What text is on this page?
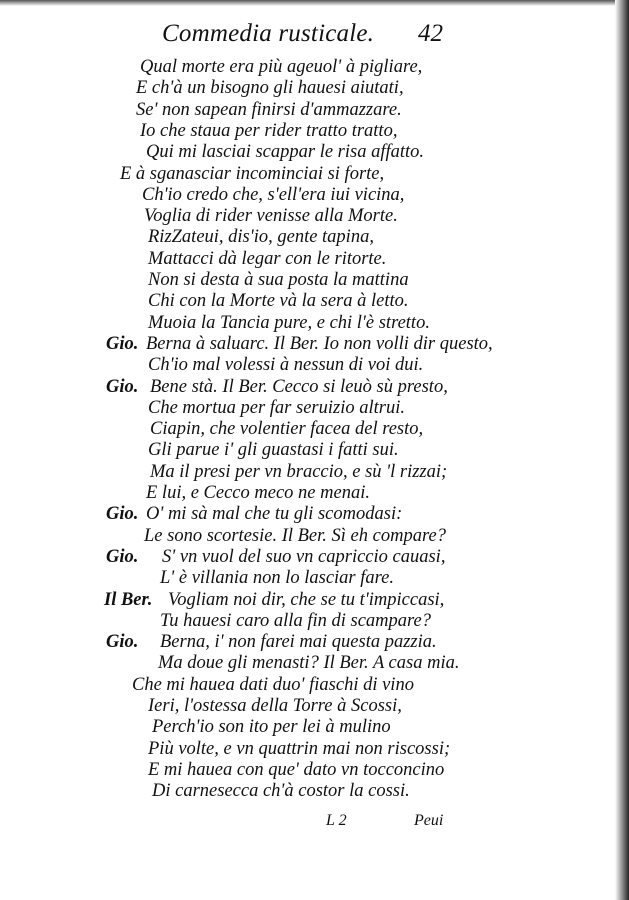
Commedia rusticale. 42
Qual morte era più ageuol' à pigliare,
E ch'à un bisogno gli hauesi aiutati,
Se' non sapean finirsi d'ammazzare.
Io che staua per rider tratto tratto,
Qui mi lasciai scappar le risa affatto.
E à sganasciar incominciai si forte,
Ch'io credo che, s'ell'era iui vicina,
Voglia di rider venisse alla Morte.
RizZateui, dis'io, gente tapina,
Mattacci dà legar con le ritorte.
Non si desta à sua posta la mattina
Chi con la Morte và la sera à letto.
Muoia la Tancia pure, e chi l'è stretto.
Gio. Berna à saluarc. Il Ber. Io non volli dir questo,
Ch'io mal volessi à nessun di voi dui.
Gio. Bene stà. Il Ber. Cecco si leuò sù presto,
Che mortua per far seruizio altrui.
Ciapin, che volentier facea del resto,
Gli parue i' gli guastasi i fatti sui.
Ma il presi per vn braccio, e sù 'l rizzai;
E lui, e Cecco meco ne menai.
Gio. O' mi sà mal che tu gli scomodasi:
Le sono scortesie. Il Ber. Sì eh compare?
Gio. S' vn vuol del suo vn capriccio cauasi,
L' è villania non lo lasciar fare.
Il Ber. Vogliam noi dir, che se tu t'impiccasi,
Tu hauesi caro alla fin di scampare?
Gio. Berna, i' non farei mai questa pazzia.
Ma doue gli menasti? Il Ber. A casa mia.
Che mi hauea dati duo' fiaschi di vino
Ieri, l'ostessa della Torre à Scossi,
Perch'io son ito per lei à mulino
Più volte, e vn quattrin mai non riscossi;
E mi hauea con que' dato vn tocconcino
Di carnesecca ch'à costor la cossi.
L 2	Peui
